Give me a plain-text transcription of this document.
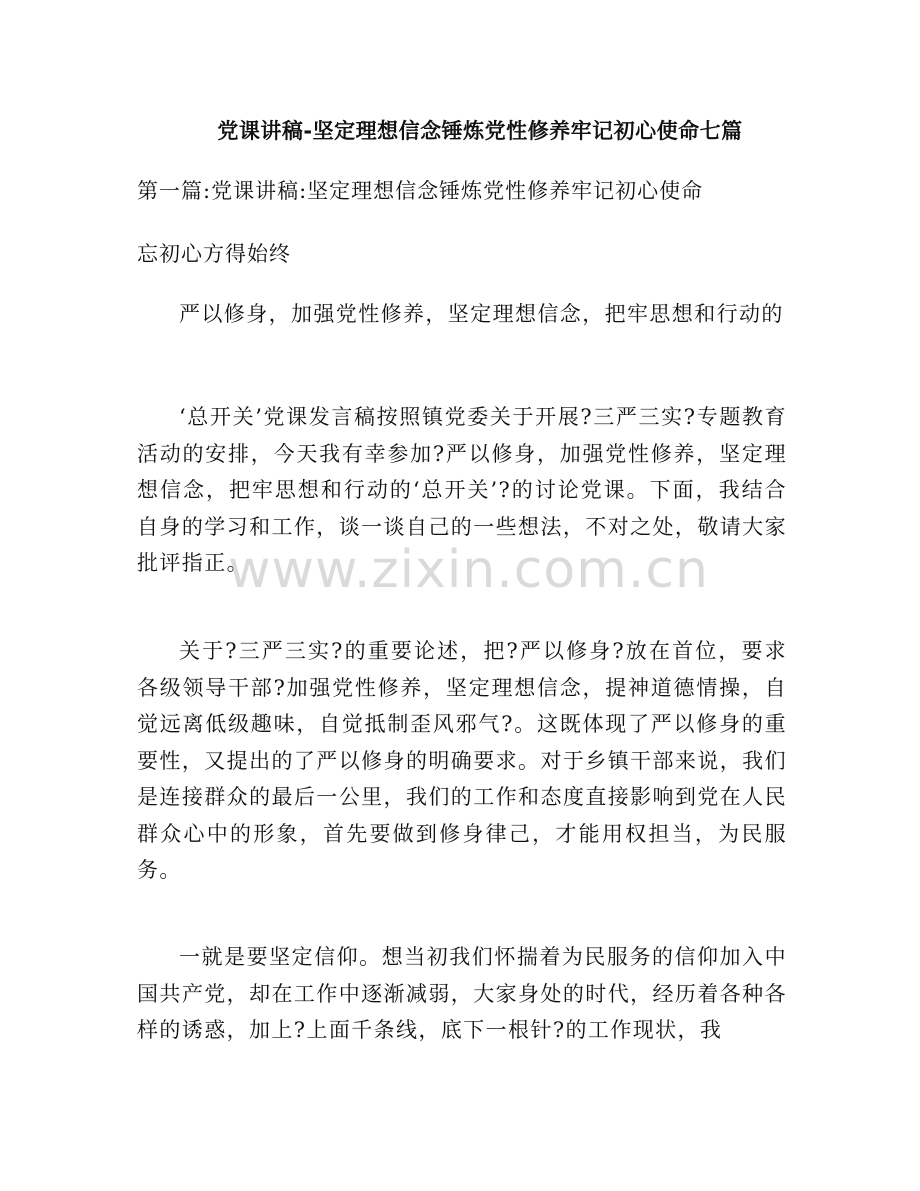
党课讲稿-坚定理想信念锤炼党性修养牢记初心使命七篇
第一篇:党课讲稿:坚定理想信念锤炼党性修养牢记初心使命
忘初心方得始终
严以修身，加强党性修养，坚定理想信念，把牢思想和行动的
‘总开关’党课发言稿按照镇党委关于开展?三严三实?专题教育活动的安排，今天我有幸参加?严以修身，加强党性修养，坚定理想信念，把牢思想和行动的‘总开关’?的讨论党课。下面，我结合自身的学习和工作，谈一谈自己的一些想法，不对之处，敬请大家批评指正。
关于?三严三实?的重要论述，把?严以修身?放在首位，要求各级领导干部?加强党性修养，坚定理想信念，提神道德情操，自觉远离低级趣味，自觉抵制歪风邪气?。这既体现了严以修身的重要性，又提出的了严以修身的明确要求。对于乡镇干部来说，我们是连接群众的最后一公里，我们的工作和态度直接影响到党在人民群众心中的形象，首先要做到修身律己，才能用权担当，为民服务。
一就是要坚定信仰。想当初我们怀揣着为民服务的信仰加入中国共产党，却在工作中逐渐减弱，大家身处的时代，经历着各种各样的诱惑，加上?上面千条线，底下一根针?的工作现状，我
www.zixin.com.cn
